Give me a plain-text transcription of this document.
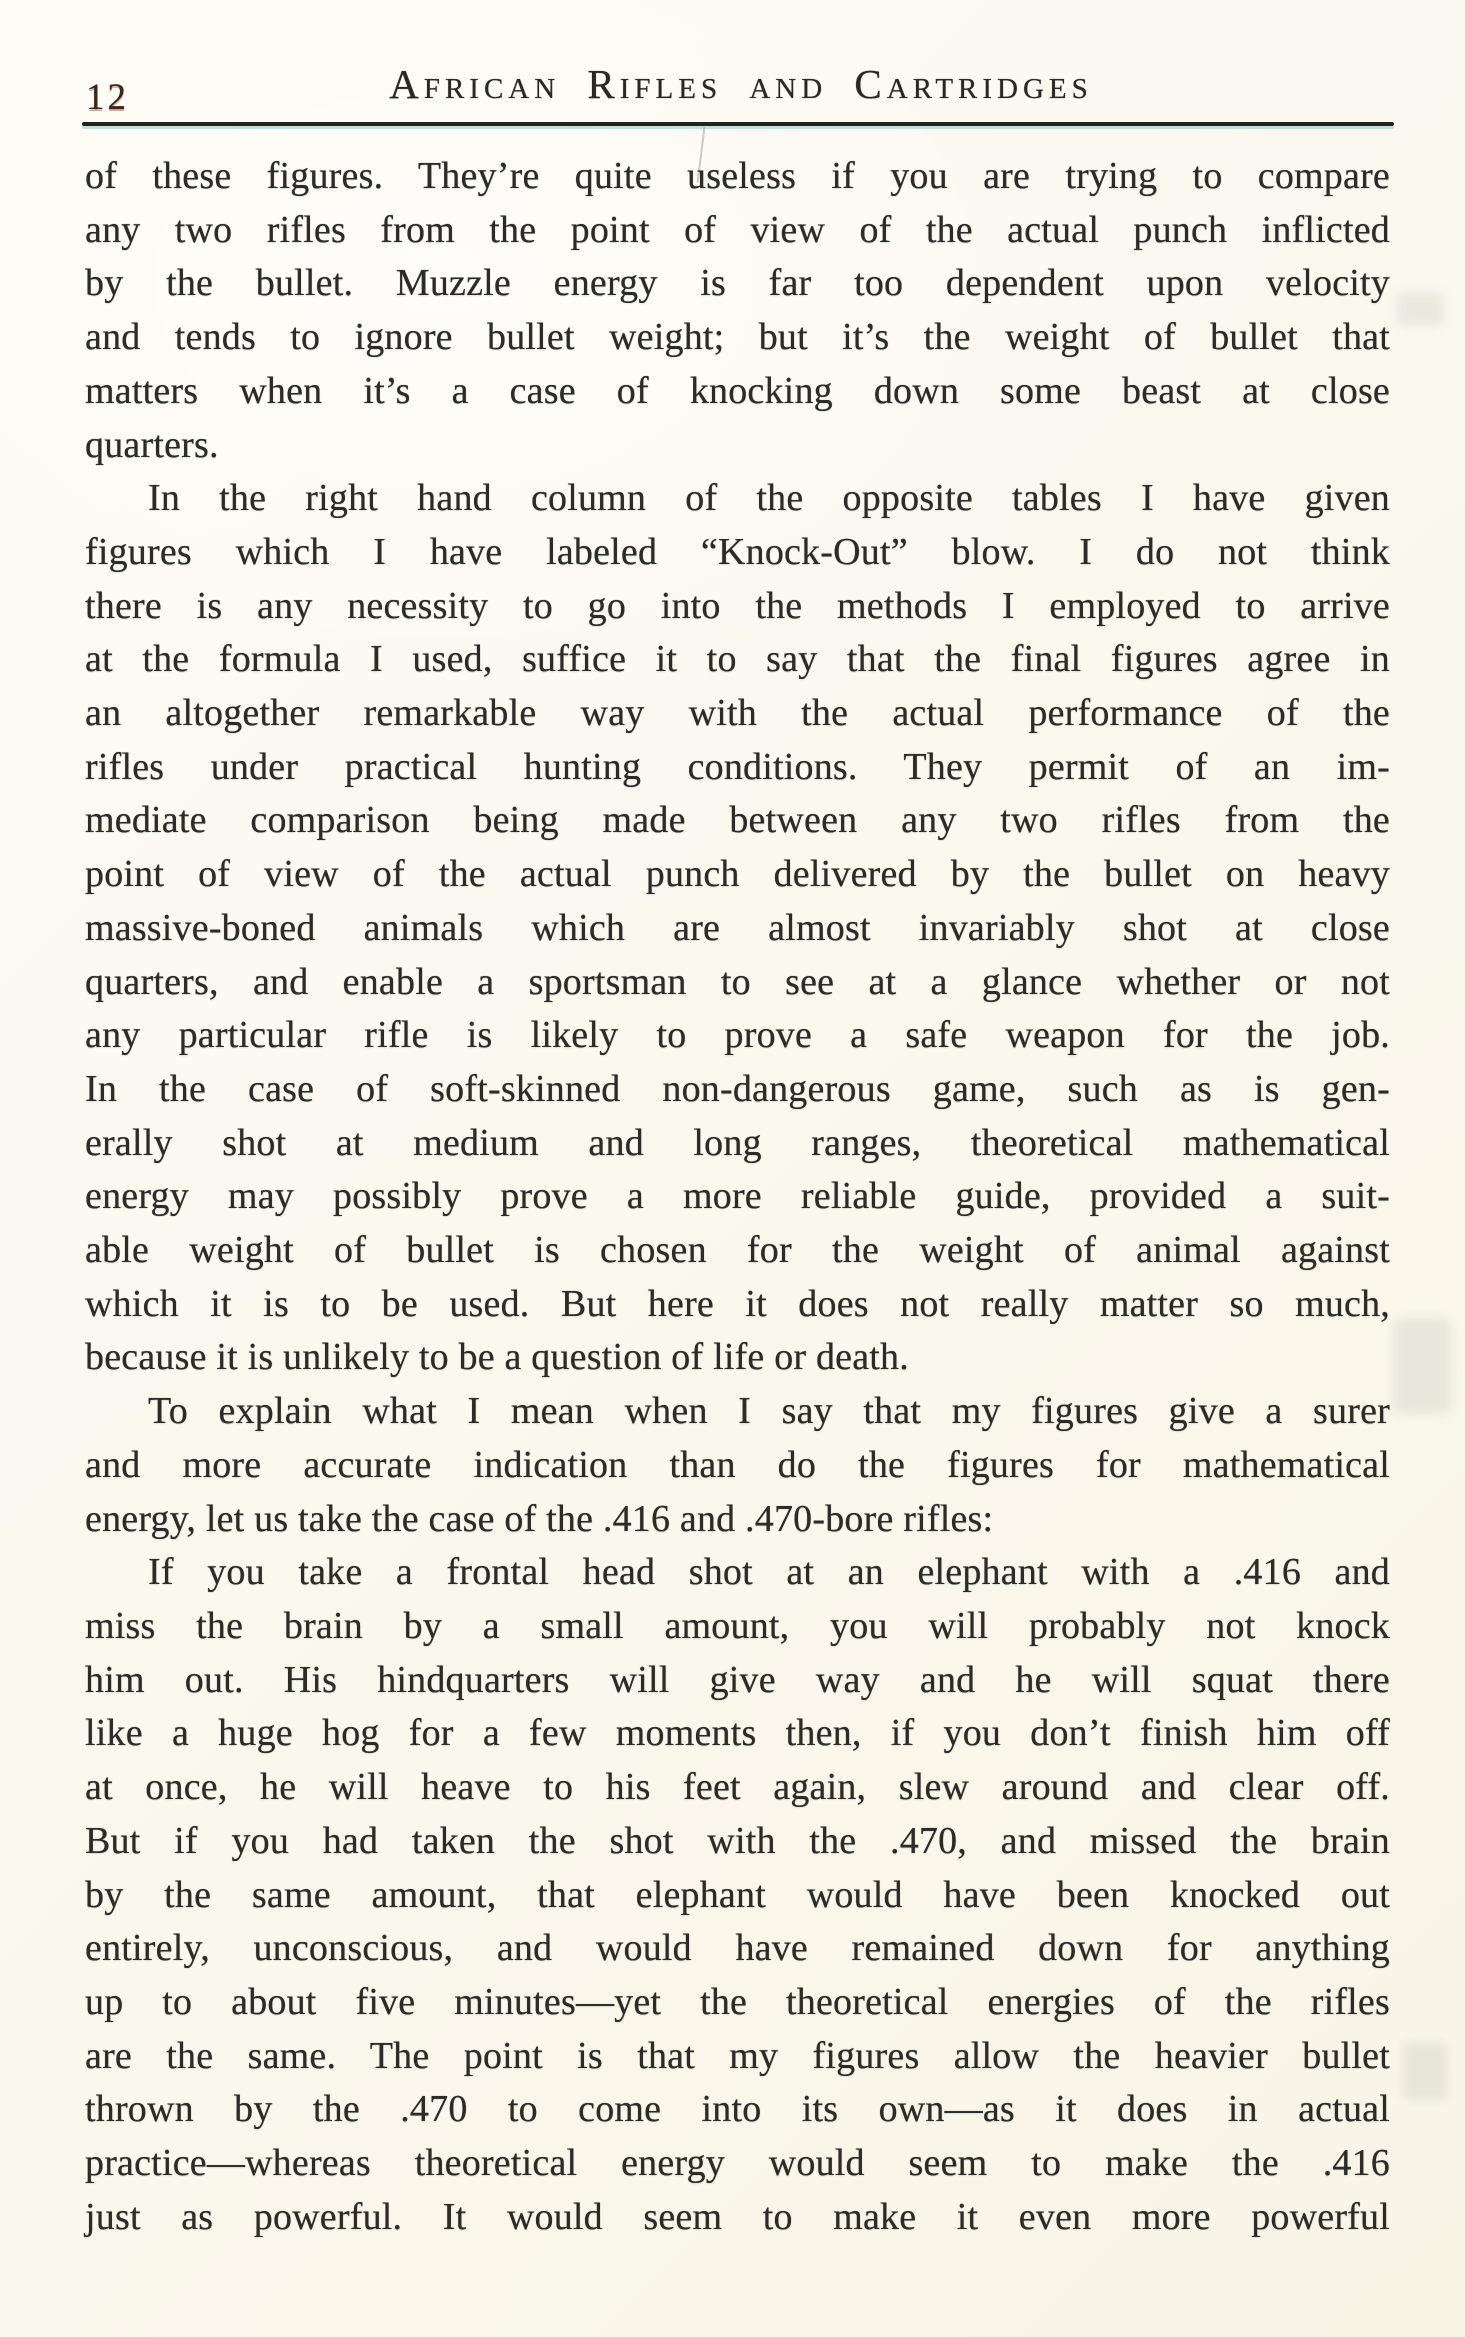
12	African Rifles and Cartridges
of these figures. They’re quite useless if you are trying to compare
any two rifles from the point of view of the actual punch inflicted
by the bullet. Muzzle energy is far too dependent upon velocity
and tends to ignore bullet weight; but it’s the weight of bullet that
matters when it’s a case of knocking down some beast at close
quarters.
In the right hand column of the opposite tables I have given
figures which I have labeled “Knock-Out” blow. I do not think
there is any necessity to go into the methods I employed to arrive
at the formula I used, suffice it to say that the final figures agree in
an altogether remarkable way with the actual performance of the
rifles under practical hunting conditions. They permit of an im-
mediate comparison being made between any two rifles from the
point of view of the actual punch delivered by the bullet on heavy
massive-boned animals which are almost invariably shot at close
quarters, and enable a sportsman to see at a glance whether or not
any particular rifle is likely to prove a safe weapon for the job.
In the case of soft-skinned non-dangerous game, such as is gen-
erally shot at medium and long ranges, theoretical mathematical
energy may possibly prove a more reliable guide, provided a suit-
able weight of bullet is chosen for the weight of animal against
which it is to be used. But here it does not really matter so much,
because it is unlikely to be a question of life or death.
To explain what I mean when I say that my figures give a surer
and more accurate indication than do the figures for mathematical
energy, let us take the case of the .416 and .470-bore rifles:
If you take a frontal head shot at an elephant with a .416 and
miss the brain by a small amount, you will probably not knock
him out. His hindquarters will give way and he will squat there
like a huge hog for a few moments then, if you don’t finish him off
at once, he will heave to his feet again, slew around and clear off.
But if you had taken the shot with the .470, and missed the brain
by the same amount, that elephant would have been knocked out
entirely, unconscious, and would have remained down for anything
up to about five minutes—yet the theoretical energies of the rifles
are the same. The point is that my figures allow the heavier bullet
thrown by the .470 to come into its own—as it does in actual
practice—whereas theoretical energy would seem to make the .416
just as powerful. It would seem to make it even more powerful
